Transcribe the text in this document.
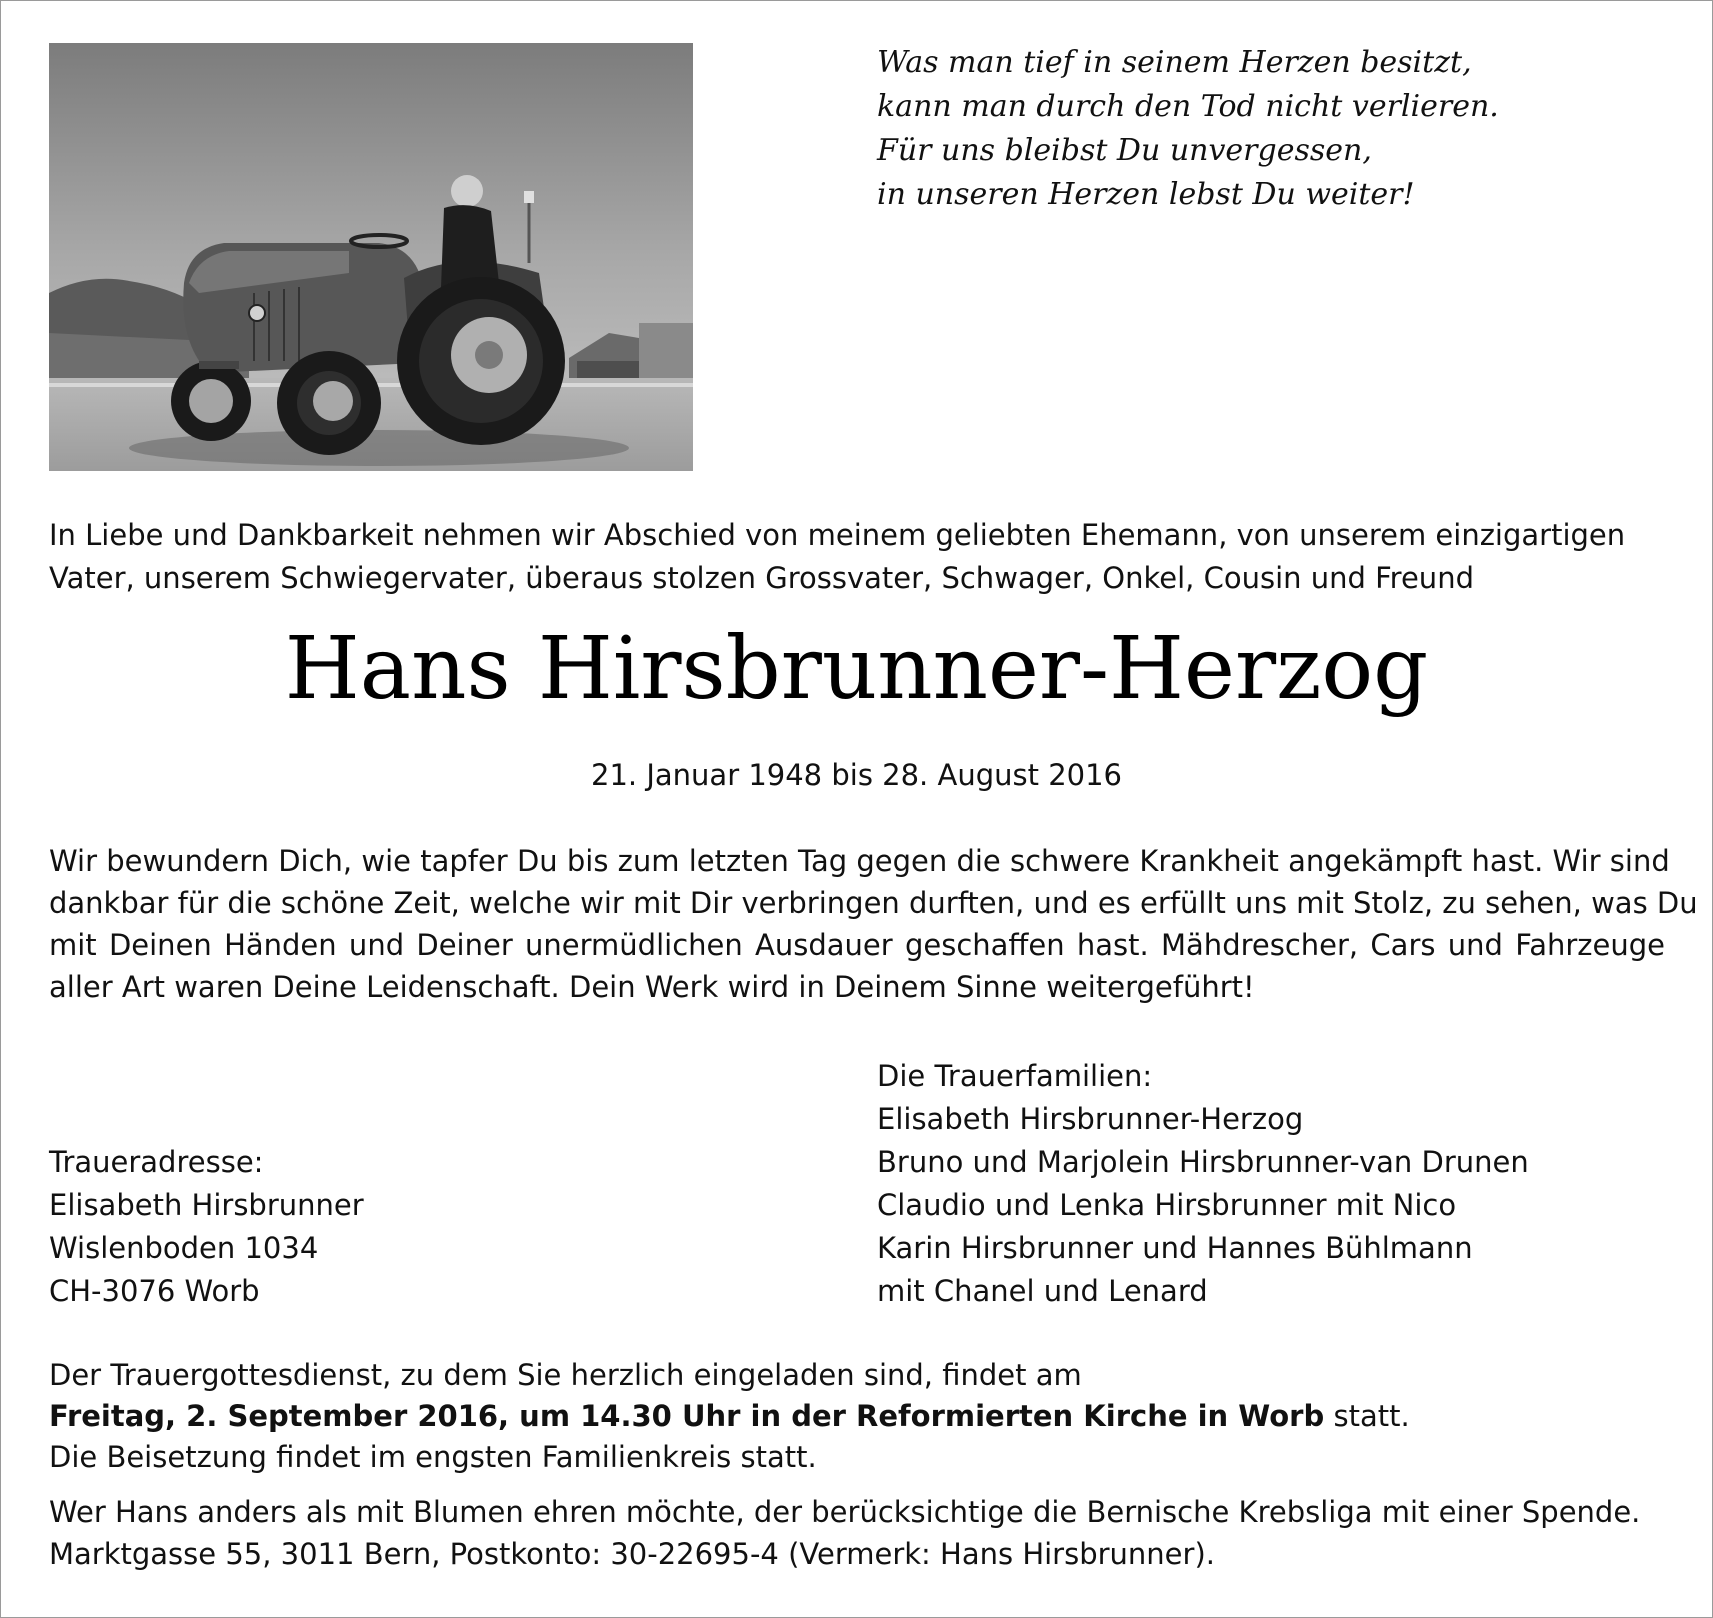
Was man tief in seinem Herzen besitzt,
kann man durch den Tod nicht verlieren.
Für uns bleibst Du unvergessen,
in unseren Herzen lebst Du weiter!
In Liebe und Dankbarkeit nehmen wir Abschied von meinem geliebten Ehemann, von unserem einzigartigen
Vater, unserem Schwiegervater, überaus stolzen Grossvater, Schwager, Onkel, Cousin und Freund
Hans Hirsbrunner-Herzog
21. Januar 1948 bis 28. August 2016
Wir bewundern Dich, wie tapfer Du bis zum letzten Tag gegen die schwere Krankheit angekämpft hast. Wir sind
dankbar für die schöne Zeit, welche wir mit Dir verbringen durften, und es erfüllt uns mit Stolz, zu sehen, was Du
mit Deinen Händen und Deiner unermüdlichen Ausdauer geschaffen hast. Mähdrescher, Cars und Fahrzeuge
aller Art waren Deine Leidenschaft. Dein Werk wird in Deinem Sinne weitergeführt!
Die Trauerfamilien:
Elisabeth Hirsbrunner-Herzog
Bruno und Marjolein Hirsbrunner-van Drunen
Claudio und Lenka Hirsbrunner mit Nico
Karin Hirsbrunner und Hannes Bühlmann
mit Chanel und Lenard
Traueradresse:
Elisabeth Hirsbrunner
Wislenboden 1034
CH-3076 Worb
Der Trauergottesdienst, zu dem Sie herzlich eingeladen sind, findet am
Freitag, 2. September 2016, um 14.30 Uhr in der Reformierten Kirche in Worb statt.
Die Beisetzung findet im engsten Familienkreis statt.
Wer Hans anders als mit Blumen ehren möchte, der berücksichtige die Bernische Krebsliga mit einer Spende.
Marktgasse 55, 3011 Bern, Postkonto: 30-22695-4 (Vermerk: Hans Hirsbrunner).
